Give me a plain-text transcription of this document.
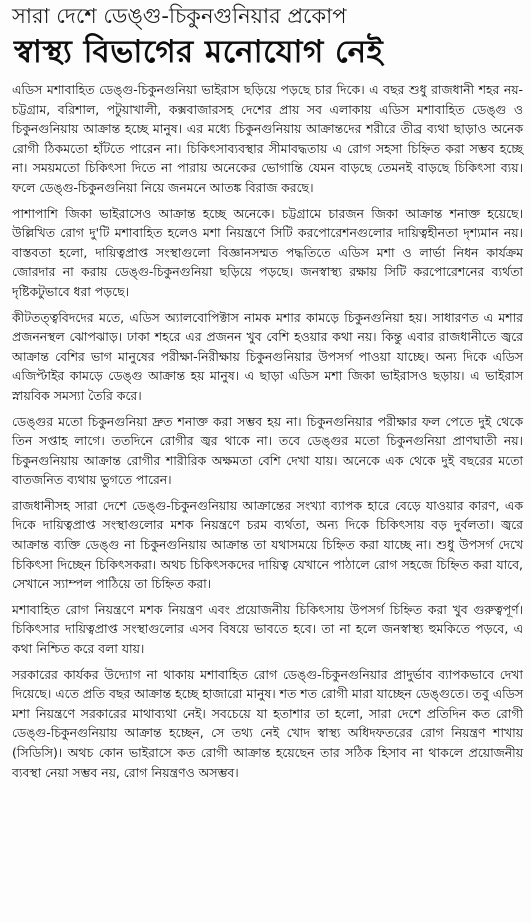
সারা দেশে ডেঙ্গু-চিকুনগুনিয়ার প্রকোপ
স্বাস্থ্য বিভাগের মনোযোগ নেই

এডিস মশাবাহিত ডেঙ্গু-চিকুনগুনিয়া ভাইরাস ছড়িয়ে পড়ছে চার দিকে। এ বছর শুধু রাজধানী শহর নয়- চট্টগ্রাম, বরিশাল, পটুয়াখালী, কক্সবাজারসহ দেশের প্রায় সব এলাকায় এডিস মশাবাহিত ডেঙ্গু ও চিকুনগুনিয়ায় আক্রান্ত হচ্ছে মানুষ। এর মধ্যে চিকুনগুনিয়ায় আক্রান্তদের শরীরে তীব্র ব্যথা ছাড়াও অনেক রোগী ঠিকমতো হাঁটতে পারেন না। চিকিৎসাব্যবস্থার সীমাবদ্ধতায় এ রোগ সহসা চিহ্নিত করা সম্ভব হচ্ছে না। সময়মতো চিকিৎসা দিতে না পারায় অনেকের ভোগান্তি যেমন বাড়ছে তেমনই বাড়ছে চিকিৎসা ব্যয়। ফলে ডেঙ্গু-চিকুনগুনিয়া নিয়ে জনমনে আতঙ্ক বিরাজ করছে।

পাশাপাশি জিকা ভাইরাসেও আক্রান্ত হচ্ছে অনেকে। চট্টগ্রামে চারজন জিকা আক্রান্ত শনাক্ত হয়েছে। উল্লিখিত রোগ দু'টি মশাবাহিত হলেও মশা নিয়ন্ত্রণে সিটি করপোরেশনগুলোর দায়িত্বহীনতা দৃশ্যমান নয়। বাস্তবতা হলো, দায়িত্বপ্রাপ্ত সংস্থাগুলো বিজ্ঞানসম্মত পদ্ধতিতে এডিস মশা ও লার্ভা নিধন কার্যক্রম জোরদার না করায় ডেঙ্গু-চিকুনগুনিয়া ছড়িয়ে পড়ছে। জনস্বাস্থ্য রক্ষায় সিটি করপোরেশনের ব্যর্থতা দৃষ্টিকটুভাবে ধরা পড়ছে।

কীটতত্ত্ববিদদের মতে, এডিস অ্যালবোপিক্টাস নামক মশার কামড়ে চিকুনগুনিয়া হয়। সাধারণত এ মশার প্রজননস্থল ঝোপঝাড়। ঢাকা শহরে এর প্রজনন খুব বেশি হওয়ার কথা নয়। কিন্তু এবার রাজধানীতে জ্বরে আক্রান্ত বেশির ভাগ মানুষের পরীক্ষা-নিরীক্ষায় চিকুনগুনিয়ার উপসর্গ পাওয়া যাচ্ছে। অন্য দিকে এডিস এজিপ্টাইর কামড়ে ডেঙ্গু আক্রান্ত হয় মানুষ। এ ছাড়া এডিস মশা জিকা ভাইরাসও ছড়ায়। এ ভাইরাস স্নায়বিক সমস্যা তৈরি করে।

ডেঙ্গুর মতো চিকুনগুনিয়া দ্রুত শনাক্ত করা সম্ভব হয় না। চিকুনগুনিয়ার পরীক্ষার ফল পেতে দুই থেকে তিন সপ্তাহ লাগে। ততদিনে রোগীর জ্বর থাকে না। তবে ডেঙ্গুর মতো চিকুনগুনিয়া প্রাণঘাতী নয়। চিকুনগুনিয়ায় আক্রান্ত রোগীর শারীরিক অক্ষমতা বেশি দেখা যায়। অনেকে এক থেকে দুই বছরের মতো বাতজনিত ব্যথায় ভুগতে পারেন।

রাজধানীসহ সারা দেশে ডেঙ্গু-চিকুনগুনিয়ায় আক্রান্তের সংখ্যা ব্যাপক হারে বেড়ে যাওয়ার কারণ, এক দিকে দায়িত্বপ্রাপ্ত সংস্থাগুলোর মশক নিয়ন্ত্রণে চরম ব্যর্থতা, অন্য দিকে চিকিৎসায় বড় দুর্বলতা। জ্বরে আক্রান্ত ব্যক্তি ডেঙ্গু না চিকুনগুনিয়ায় আক্রান্ত তা যথাসময়ে চিহ্নিত করা যাচ্ছে না। শুধু উপসর্গ দেখে চিকিৎসা দিচ্ছেন চিকিৎসকরা। অথচ চিকিৎসকদের দায়িত্ব যেখানে পাঠালে রোগ সহজে চিহ্নিত করা যাবে, সেখানে স্যাম্পল পাঠিয়ে তা চিহ্নিত করা।

মশাবাহিত রোগ নিয়ন্ত্রণে মশক নিয়ন্ত্রণ এবং প্রয়োজনীয় চিকিৎসায় উপসর্গ চিহ্নিত করা খুব গুরুত্বপূর্ণ। চিকিৎসার দায়িত্বপ্রাপ্ত সংস্থাগুলোর এসব বিষয়ে ভাবতে হবে। তা না হলে জনস্বাস্থ্য হুমকিতে পড়বে, এ কথা নিশ্চিত করে বলা যায়।

সরকারের কার্যকর উদ্যোগ না থাকায় মশাবাহিত রোগ ডেঙ্গু-চিকুনগুনিয়ার প্রাদুর্ভাব ব্যাপকভাবে দেখা দিয়েছে। এতে প্রতি বছর আক্রান্ত হচ্ছে হাজারো মানুষ। শত শত রোগী মারা যাচ্ছেন ডেঙ্গুতে। তবু এডিস মশা নিয়ন্ত্রণে সরকারের মাথাব্যথা নেই। সবচেয়ে যা হতাশার তা হলো, সারা দেশে প্রতিদিন কত রোগী ডেঙ্গু-চিকুনগুনিয়ায় আক্রান্ত হচ্ছেন, সে তথ্য নেই খোদ স্বাস্থ্য অধিদফতরের রোগ নিয়ন্ত্রণ শাখায় (সিডিসি)। অথচ কোন ভাইরাসে কত রোগী আক্রান্ত হয়েছেন তার সঠিক হিসাব না থাকলে প্রয়োজনীয় ব্যবস্থা নেয়া সম্ভব নয়, রোগ নিয়ন্ত্রণও অসম্ভব।
